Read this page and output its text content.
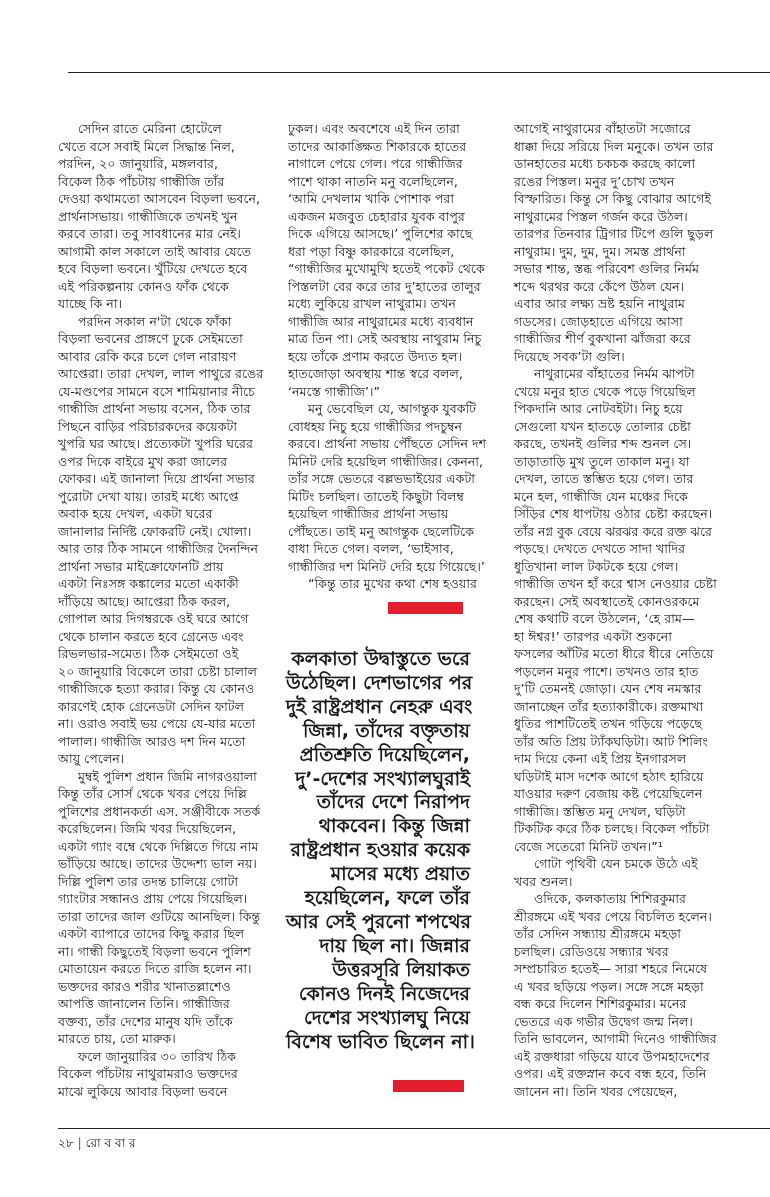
সেদিন রাতে মেরিনা হোটেলে
খেতে বসে সবাই মিলে সিদ্ধান্ত নিল,
পরদিন, ২০ জানুয়ারি, মঙ্গলবার,
বিকেল ঠিক পাঁচটায় গান্ধীজি তাঁর
দেওয়া কথামতো আসবেন বিড়লা ভবনে,
প্রার্থনাসভায়। গান্ধীজিকে তখনই খুন
করবে তারা। তবু সাবধানের মার নেই।
আগামী কাল সকালে তাই আবার যেতে
হবে বিড়লা ভবনে। খুঁটিয়ে দেখতে হবে
এই পরিকল্পনায় কোনও ফাঁক থেকে
যাচ্ছে কি না।
পরদিন সকাল ন'টা থেকে ফাঁকা
বিড়লা ভবনের প্রাঙ্গণে ঢুকে সেইমতো
আবার রেকি করে চলে গেল নারায়ণ
আপ্তেরা। তারা দেখল, লাল পাথুরে রঙের
যে-মণ্ডপের সামনে বসে শামিয়ানার নীচে
গান্ধীজি প্রার্থনা সভায় বসেন, ঠিক তার
পিছনে বাড়ির পরিচারকদের কয়েকটা
খুপরি ঘর আছে। প্রত্যেকটা খুপরি ঘরের
ওপর দিকে বাইরে মুখ করা জালের
ফোকর। এই জানালা দিয়ে প্রার্থনা সভার
পুরোটা দেখা যায়। তারই মধ্যে আপ্তে
অবাক হয়ে দেখল, একটা ঘরের
জানালার নির্দিষ্ট ফোকরটি নেই। খোলা।
আর তার ঠিক সামনে গান্ধীজির দৈনন্দিন
প্রার্থনা সভার মাইক্রোফোনটি প্রায়
একটা নিঃসঙ্গ কঙ্কালের মতো একাকী
দাঁড়িয়ে আছে। আপ্তেরা ঠিক করল,
গোপাল আর দিগম্বরকে ওই ঘরে আগে
থেকে চালান করতে হবে গ্রেনেড এবং
রিভলভার-সমেত। ঠিক সেইমতো ওই
২০ জানুয়ারি বিকেলে তারা চেষ্টা চালাল
গান্ধীজিকে হত্যা করার। কিন্তু যে কোনও
কারণেই হোক গ্রেনেডটা সেদিন ফাটল
না। ওরাও সবাই ভয় পেয়ে যে-যার মতো
পালাল। গান্ধীজি আরও দশ দিন মতো
আয়ু পেলেন।
মুম্বই পুলিশ প্রধান জিমি নাগরওয়ালা
কিন্তু তাঁর সোর্স থেকে খবর পেয়ে দিল্লি
পুলিশের প্রধানকর্তা এস. সঞ্জীবীকে সতর্ক
করেছিলেন। জিমি খবর দিয়েছিলেন,
একটা গ্যাং বম্বে থেকে দিল্লিতে গিয়ে নাম
ভাঁড়িয়ে আছে। তাদের উদ্দেশ্য ভাল নয়।
দিল্লি পুলিশ তার তদন্ত চালিয়ে গোটা
গ্যাংটার সন্ধানও প্রায় পেয়ে গিয়েছিল।
তারা তাদের জাল গুটিয়ে আনছিল। কিন্তু
একটা ব্যাপারে তাদের কিছু করার ছিল
না। গান্ধী কিছুতেই বিড়লা ভবনে পুলিশ
মোতায়েন করতে দিতে রাজি হলেন না।
ভক্তদের কারও শরীর খানাতল্লাশেও
আপত্তি জানালেন তিনি। গান্ধীজির
বক্তব্য, তাঁর দেশের মানুষ যদি তাঁকে
মারতে চায়, তো মারুক।
ফলে জানুয়ারির ৩০ তারিখ ঠিক
বিকেল পাঁচটায় নাথুরামরাও ভক্তদের
মাঝে লুকিয়ে আবার বিড়লা ভবনে
ঢুকল। এবং অবশেষে এই দিন তারা
তাদের আকাঙ্ক্ষিত শিকারকে হাতের
নাগালে পেয়ে গেল। পরে গান্ধীজির
পাশে থাকা নাতনি মনু বলেছিলেন,
‘আমি দেখলাম খাকি পোশাক পরা
একজন মজবুত চেহারার যুবক বাপুর
দিকে এগিয়ে আসছে।’ পুলিশের কাছে
ধরা পড়া বিষ্ণু কারকারে বলেছিল,
“গান্ধীজির মুখোমুখি হতেই পকেট থেকে
পিস্তলটা বের করে তার দু’হাতের তালুর
মধ্যে লুকিয়ে রাখল নাথুরাম। তখন
গান্ধীজি আর নাথুরামের মধ্যে ব্যবধান
মাত্র তিন পা। সেই অবস্থায় নাথুরাম নিচু
হয়ে তাঁকে প্রণাম করতে উদ্যত হল।
হাতজোড়া অবস্থায় শান্ত স্বরে বলল,
‘নমস্তে গান্ধীজি’।”
মনু ভেবেছিল যে, আগন্তুক যুবকটি
বোধহয় নিচু হয়ে গান্ধীজির পদচুম্বন
করবে। প্রার্থনা সভায় পৌঁছতে সেদিন দশ
মিনিট দেরি হয়েছিল গান্ধীজির। কেননা,
তাঁর সঙ্গে ভেতরে বল্লভভাইয়ের একটা
মিটিং চলছিল। তাতেই কিছুটা বিলম্ব
হয়েছিল গান্ধীজির প্রার্থনা সভায়
পৌঁছতে। তাই মনু আগন্তুক ছেলেটিকে
বাধা দিতে গেল। বলল, ‘ভাইসাব,
গান্ধীজির দশ মিনিট দেরি হয়ে গিয়েছে।’
“কিন্তু তার মুখের কথা শেষ হওয়ার
আগেই নাথুরামের বাঁহাতটা সজোরে
ধাক্কা দিয়ে সরিয়ে দিল মনুকে। তখন তার
ডানহাতের মধ্যে চকচক করছে কালো
রঙের পিস্তল। মনুর দু’চোখ তখন
বিস্ফারিত। কিন্তু সে কিছু বোঝার আগেই
নাথুরামের পিস্তল গর্জন করে উঠল।
তারপর তিনবার ট্রিগার টিপে গুলি ছুড়ল
নাথুরাম। দুম, দুম, দুম। সমস্ত প্রার্থনা
সভার শান্ত, স্তব্ধ পরিবেশ গুলির নির্মম
শব্দে থরথর করে কেঁপে উঠল যেন।
এবার আর লক্ষ্য ভ্রষ্ট হয়নি নাথুরাম
গডসের। জোড়হাতে এগিয়ে আসা
গান্ধীজির শীর্ণ বুকখানা ঝাঁজরা করে
দিয়েছে সবক’টা গুলি।
নাথুরামের বাঁহাতের নির্মম ঝাপটা
খেয়ে মনুর হাত থেকে পড়ে গিয়েছিল
পিকদানি আর নোটবইটা। নিচু হয়ে
সেগুলো যখন হাতড়ে তোলার চেষ্টা
করছে, তখনই গুলির শব্দ শুনল সে।
তাড়াতাড়ি মুখ তুলে তাকাল মনু। যা
দেখল, তাতে স্তম্ভিত হয়ে গেল। তার
মনে হল, গান্ধীজি যেন মঞ্চের দিকে
সিঁড়ির শেষ ধাপটায় ওঠার চেষ্টা করছেন।
তাঁর নগ্ন বুক বেয়ে ঝরঝর করে রক্ত ঝরে
পড়ছে। দেখতে দেখতে সাদা খাদির
ধুতিখানা লাল টকটকে হয়ে গেল।
গান্ধীজি তখন হাঁ করে শ্বাস নেওয়ার চেষ্টা
করছেন। সেই অবস্থাতেই কোনওরকমে
শেষ কথাটি বলে উঠলেন, ‘হে রাম—
হা ঈশ্বর!’ তারপর একটা শুকনো
ফসলের আঁটির মতো ধীরে ধীরে নেতিয়ে
পড়লেন মনুর পাশে। তখনও তার হাত
দু’টি তেমনই জোড়া। যেন শেষ নমস্কার
জানাচ্ছেন তাঁর হত্যাকারীকে। রক্তমাখা
ধুতির পাশটিতেই তখন গড়িয়ে পড়েছে
তাঁর অতি প্রিয় ট্যাঁকঘড়িটা। আট শিলিং
দাম দিয়ে কেনা এই প্রিয় ইনগারসল
ঘড়িটাই মাস দশেক আগে হঠাৎ হারিয়ে
যাওয়ার দরুণ বেজায় কষ্ট পেয়েছিলেন
গান্ধীজি। স্তম্ভিত মনু দেখল, ঘড়িটা
টিকটিক করে ঠিক চলছে। বিকেল পাঁচটা
বেজে সতেরো মিনিট তখন।”¹
গোটা পৃথিবী যেন চমকে উঠে এই
খবর শুনল।
ওদিকে, কলকাতায় শিশিরকুমার
শ্রীরঙ্গমে এই খবর পেয়ে বিচলিত হলেন।
তাঁর সেদিন সন্ধ্যায় শ্রীরঙ্গমে মহড়া
চলছিল। রেডিওয়ে সন্ধ্যার খবর
সম্প্রচারিত হতেই— সারা শহরে নিমেষে
এ খবর ছড়িয়ে পড়ল। সঙ্গে সঙ্গে মহড়া
বন্ধ করে দিলেন শিশিরকুমার। মনের
ভেতরে এক গভীর উদ্বেগ জন্ম নিল।
তিনি ভাবলেন, আগামী দিনেও গান্ধীজির
এই রক্তধারা গড়িয়ে যাবে উপমহাদেশের
ওপর। এই রক্তস্নান কবে বন্ধ হবে, তিনি
জানেন না। তিনি খবর পেয়েছেন,
কলকাতা উদ্বাস্তুতে ভরে
উঠেছিল। দেশভাগের পর
দুই রাষ্ট্রপ্রধান নেহরু এবং
জিন্না, তাঁদের বক্তৃতায়
প্রতিশ্রুতি দিয়েছিলেন,
দু’-দেশের সংখ্যালঘুরাই
তাঁদের দেশে নিরাপদ
থাকবেন। কিন্তু জিন্না
রাষ্ট্রপ্রধান হওয়ার কয়েক
মাসের মধ্যে প্রয়াত
হয়েছিলেন, ফলে তাঁর
আর সেই পুরনো শপথের
দায় ছিল না। জিন্নার
উত্তরসূরি লিয়াকত
কোনও দিনই নিজেদের
দেশের সংখ্যালঘু নিয়ে
বিশেষ ভাবিত ছিলেন না।
২৮ | রো ব বা র
